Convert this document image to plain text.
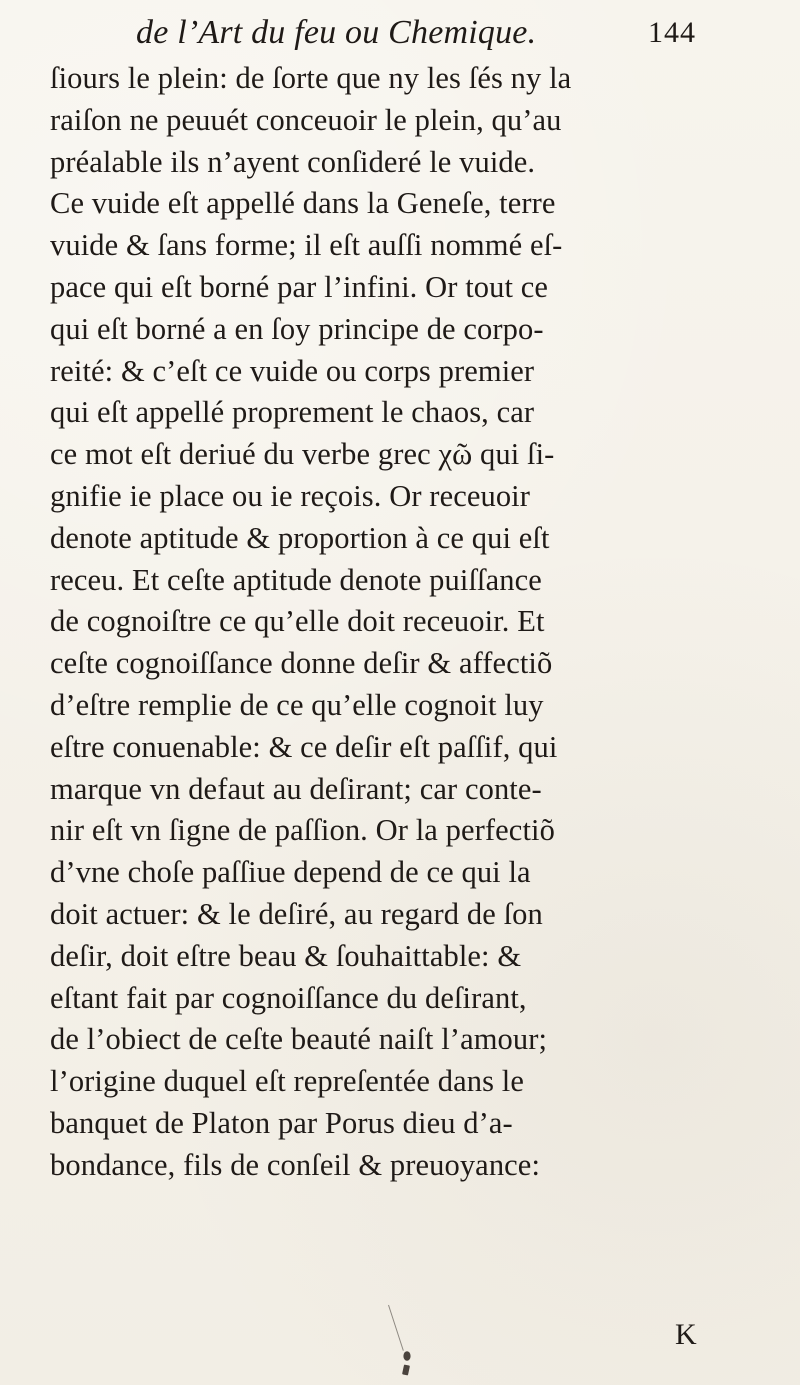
de l’Art du feu ou Chemique.	144
ſiours le plein: de ſorte que ny les ſés ny la
raiſon ne peuuét conceuoir le plein, qu’au
préalable ils n’ayent conſideré le vuide.
Ce vuide eſt appellé dans la Geneſe, terre
vuide & ſans forme; il eſt auſſi nommé eſ-
pace qui eſt borné par l’infini. Or tout ce
qui eſt borné a en ſoy principe de corpo-
reité: & c’eſt ce vuide ou corps premier
qui eſt appellé proprement le chaos, car
ce mot eſt deriué du verbe grec χῶ qui ſi-
gnifie ie place ou ie reçois. Or receuoir
denote aptitude & proportion à ce qui eſt
receu. Et ceſte aptitude denote puiſſance
de cognoiſtre ce qu’elle doit receuoir. Et
ceſte cognoiſſance donne deſir & affectiõ
d’eſtre remplie de ce qu’elle cognoit luy
eſtre conuenable: & ce deſir eſt paſſif, qui
marque vn defaut au deſirant; car conte-
nir eſt vn ſigne de paſſion. Or la perfectiõ
d’vne choſe paſſiue depend de ce qui la
doit actuer: & le deſiré, au regard de ſon
deſir, doit eſtre beau & ſouhaittable: &
eſtant fait par cognoiſſance du deſirant,
de l’obiect de ceſte beauté naiſt l’amour;
l’origine duquel eſt repreſentée dans le
banquet de Platon par Porus dieu d’a-
bondance, fils de conſeil & preuoyance:
K
